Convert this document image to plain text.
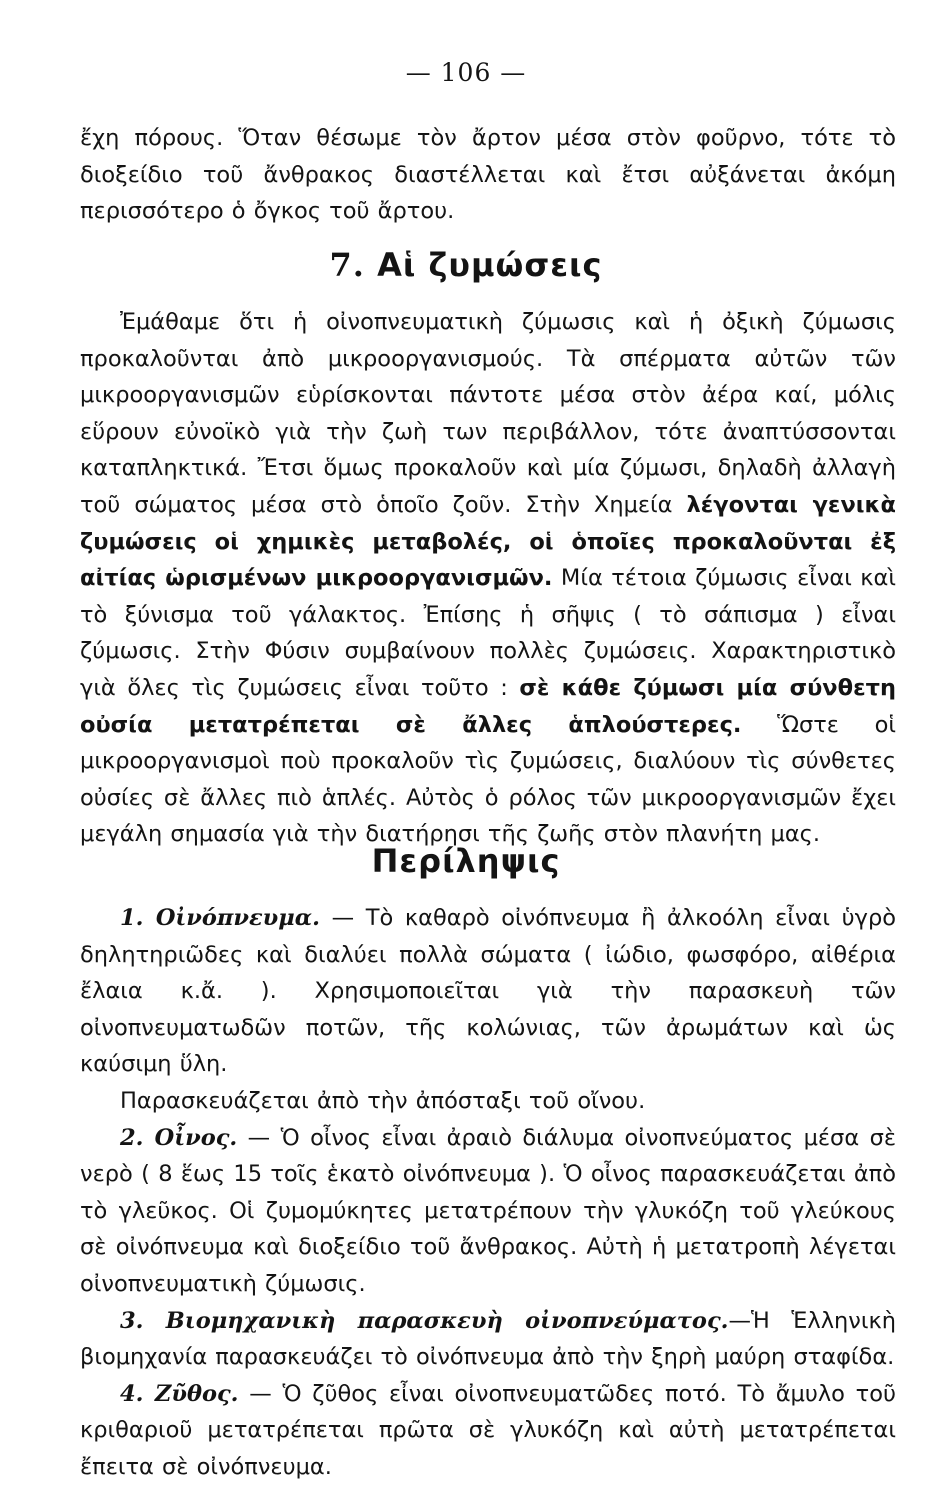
— 106 —

ἔχη πόρους. Ὅταν θέσωμε τὸν ἄρτον μέσα στὸν φοῦρνο, τότε τὸ διοξείδιο τοῦ ἄνθρακος διαστέλλεται καὶ ἔτσι αὐξάνεται ἀκόμη περισσότερο ὁ ὄγκος τοῦ ἄρτου.

7. Αἱ ζυμώσεις

Ἐμάθαμε ὅτι ἡ οἰνοπνευματικὴ ζύμωσις καὶ ἡ ὀξικὴ ζύμωσις προκαλοῦνται ἀπὸ μικροοργανισμούς. Τὰ σπέρματα αὐτῶν τῶν μικροοργανισμῶν εὑρίσκονται πάντοτε μέσα στὸν ἀέρα καί, μόλις εὕρουν εὐνοϊκὸ γιὰ τὴν ζωὴ των περιβάλλον, τότε ἀναπτύσσονται καταπληκτικά. Ἔτσι ὅμως προκαλοῦν καὶ μία ζύμωσι, δηλαδὴ ἀλλαγὴ τοῦ σώματος μέσα στὸ ὁποῖο ζοῦν. Στὴν Χημεία λέγονται γενικὰ ζυμώσεις οἱ χημικὲς μεταβολές, οἱ ὁποῖες προκαλοῦνται ἐξ αἰτίας ὡρισμένων μικροοργανισμῶν. Μία τέτοια ζύμωσις εἶναι καὶ τὸ ξύνισμα τοῦ γάλακτος. Ἐπίσης ἡ σῆψις ( τὸ σάπισμα ) εἶναι ζύμωσις. Στὴν Φύσιν συμβαίνουν πολλὲς ζυμώσεις. Χαρακτηριστικὸ γιὰ ὅλες τὶς ζυμώσεις εἶναι τοῦτο : σὲ κάθε ζύμωσι μία σύνθετη οὐσία μετατρέπεται σὲ ἄλλες ἁπλούστερες. Ὥστε οἱ μικροοργανισμοὶ ποὺ προκαλοῦν τὶς ζυμώσεις, διαλύουν τὶς σύνθετες οὐσίες σὲ ἄλλες πιὸ ἁπλές. Αὐτὸς ὁ ρόλος τῶν μικροοργανισμῶν ἔχει μεγάλη σημασία γιὰ τὴν διατήρησι τῆς ζωῆς στὸν πλανήτη μας.

Περίληψις

1. Οἰνόπνευμα. — Τὸ καθαρὸ οἰνόπνευμα ἢ ἀλκοόλη εἶναι ὑγρὸ δηλητηριῶδες καὶ διαλύει πολλὰ σώματα ( ἰώδιο, φωσφόρο, αἰθέρια ἔλαια κ.ἄ. ). Χρησιμοποιεῖται γιὰ τὴν παρασκευὴ τῶν οἰνοπνευματωδῶν ποτῶν, τῆς κολώνιας, τῶν ἀρωμάτων καὶ ὡς καύσιμη ὕλη.

Παρασκευάζεται ἀπὸ τὴν ἀπόσταξι τοῦ οἴνου.

2. Οἶνος. — Ὁ οἶνος εἶναι ἀραιὸ διάλυμα οἰνοπνεύματος μέσα σὲ νερὸ ( 8 ἕως 15 τοῖς ἑκατὸ οἰνόπνευμα ). Ὁ οἶνος παρασκευάζεται ἀπὸ τὸ γλεῦκος. Οἱ ζυμομύκητες μετατρέπουν τὴν γλυκόζη τοῦ γλεύκους σὲ οἰνόπνευμα καὶ διοξείδιο τοῦ ἄνθρακος. Αὐτὴ ἡ μετατροπὴ λέγεται οἰνοπνευματικὴ ζύμωσις.

3. Βιομηχανικὴ παρασκευὴ οἰνοπνεύματος.—Ἡ Ἑλληνικὴ βιομηχανία παρασκευάζει τὸ οἰνόπνευμα ἀπὸ τὴν ξηρὴ μαύρη σταφίδα.

4. Ζῦθος. — Ὁ ζῦθος εἶναι οἰνοπνευματῶδες ποτό. Τὸ ἄμυλο τοῦ κριθαριοῦ μετατρέπεται πρῶτα σὲ γλυκόζη καὶ αὐτὴ μετατρέπεται ἔπειτα σὲ οἰνόπνευμα.
